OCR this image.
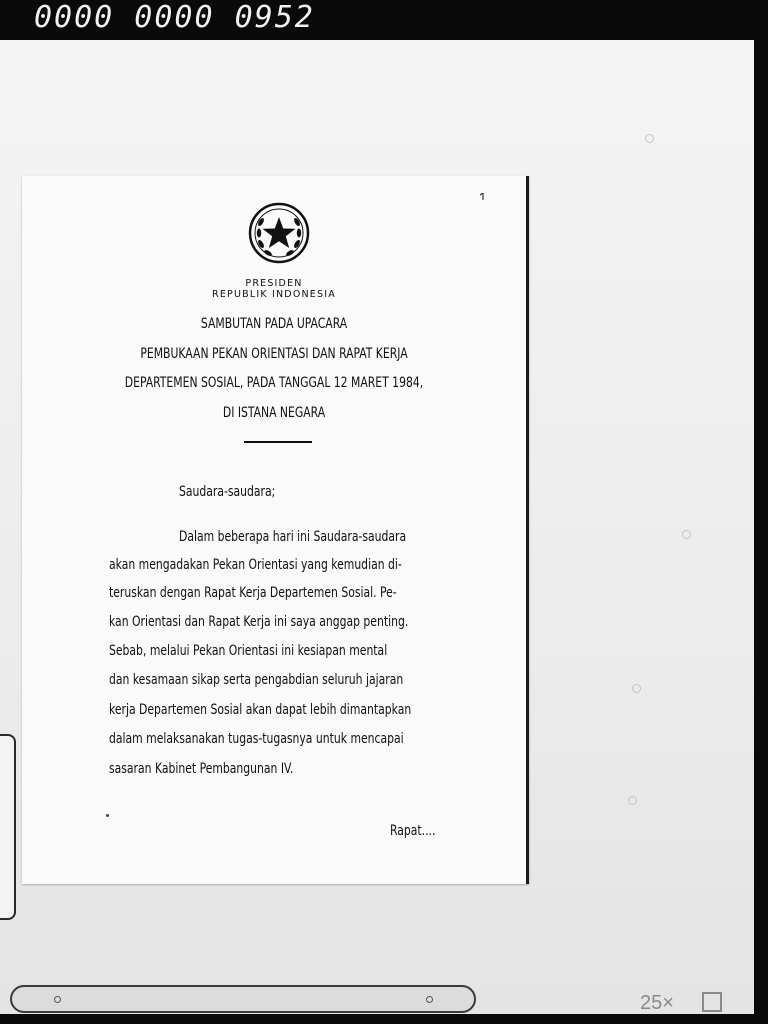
0000 0000 0952
PRESIDEN
REPUBLIK INDONESIA
SAMBUTAN PADA UPACARA
PEMBUKAAN PEKAN ORIENTASI DAN RAPAT KERJA
DEPARTEMEN SOSIAL, PADA TANGGAL 12 MARET 1984,
DI ISTANA NEGARA
Saudara-saudara;
Dalam beberapa hari ini Saudara-saudara
akan mengadakan Pekan Orientasi yang kemudian di-
teruskan dengan Rapat Kerja Departemen Sosial. Pe-
kan Orientasi dan Rapat Kerja ini saya anggap penting.
Sebab, melalui Pekan Orientasi ini kesiapan mental
dan kesamaan sikap serta pengabdian seluruh jajaran
kerja Departemen Sosial akan dapat lebih dimantapkan
dalam melaksanakan tugas-tugasnya untuk mencapai
sasaran Kabinet Pembangunan IV.
Rapat....
25×
